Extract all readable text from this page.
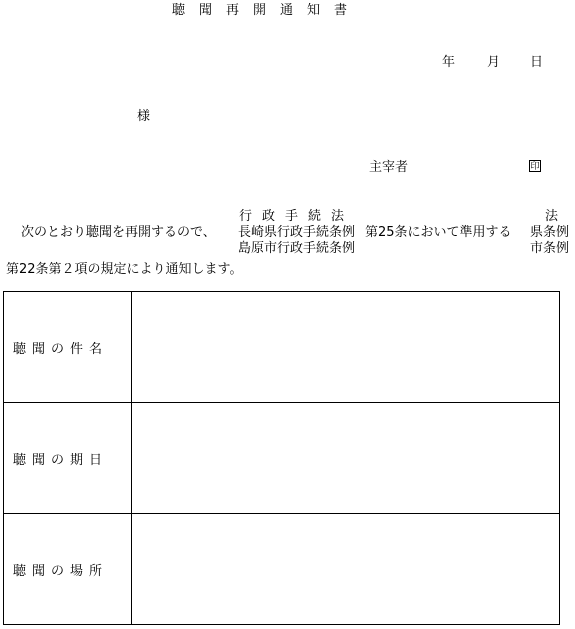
聴聞再開通知書
年 月 日
様
主宰者	印
行政手続法	法
次のとおり聴聞を再開するので、 長崎県行政手続条例 第25条において準用する 県条例
島原市行政手続条例	市条例
第22条第２項の規定により通知します。
聴聞の件名	
聴聞の期日	
聴聞の場所	
